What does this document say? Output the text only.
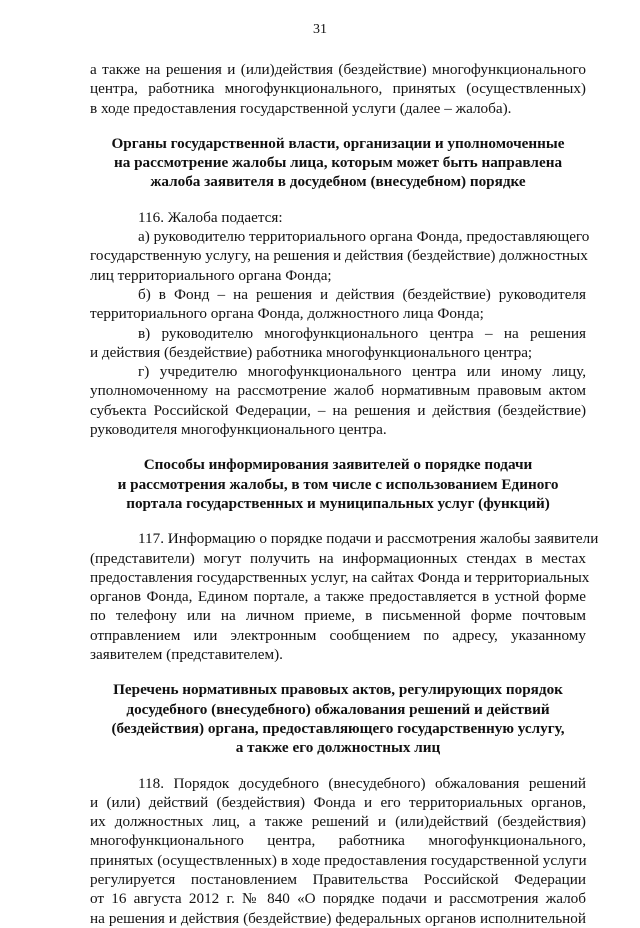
31
а также на решения и (или)действия (бездействие) многофункционального
центра, работника многофункционального, принятых (осуществленных)
в ходе предоставления государственной услуги (далее – жалоба).
Органы государственной власти, организации и уполномоченные
на рассмотрение жалобы лица, которым может быть направлена
жалоба заявителя в досудебном (внесудебном) порядке
116. Жалоба подается:
а) руководителю территориального органа Фонда, предоставляющего
государственную услугу, на решения и действия (бездействие) должностных
лиц территориального органа Фонда;
б) в Фонд – на решения и действия (бездействие) руководителя
территориального органа Фонда, должностного лица Фонда;
в) руководителю многофункционального центра – на решения
и действия (бездействие) работника многофункционального центра;
г) учредителю многофункционального центра или иному лицу,
уполномоченному на рассмотрение жалоб нормативным правовым актом
субъекта Российской Федерации, – на решения и действия (бездействие)
руководителя многофункционального центра.
Способы информирования заявителей о порядке подачи
и рассмотрения жалобы, в том числе с использованием Единого
портала государственных и муниципальных услуг (функций)
117. Информацию о порядке подачи и рассмотрения жалобы заявители
(представители) могут получить на информационных стендах в местах
предоставления государственных услуг, на сайтах Фонда и территориальных
органов Фонда, Едином портале, а также предоставляется в устной форме
по телефону или на личном приеме, в письменной форме почтовым
отправлением или электронным сообщением по адресу, указанному
заявителем (представителем).
Перечень нормативных правовых актов, регулирующих порядок
досудебного (внесудебного) обжалования решений и действий
(бездействия) органа, предоставляющего государственную услугу,
а также его должностных лиц
118. Порядок досудебного (внесудебного) обжалования решений
и (или) действий (бездействия) Фонда и его территориальных органов,
их должностных лиц, а также решений и (или)действий (бездействия)
многофункционального центра, работника многофункционального,
принятых (осуществленных) в ходе предоставления государственной услуги
регулируется постановлением Правительства Российской Федерации
от 16 августа 2012 г. № 840 «О порядке подачи и рассмотрения жалоб
на решения и действия (бездействие) федеральных органов исполнительной
